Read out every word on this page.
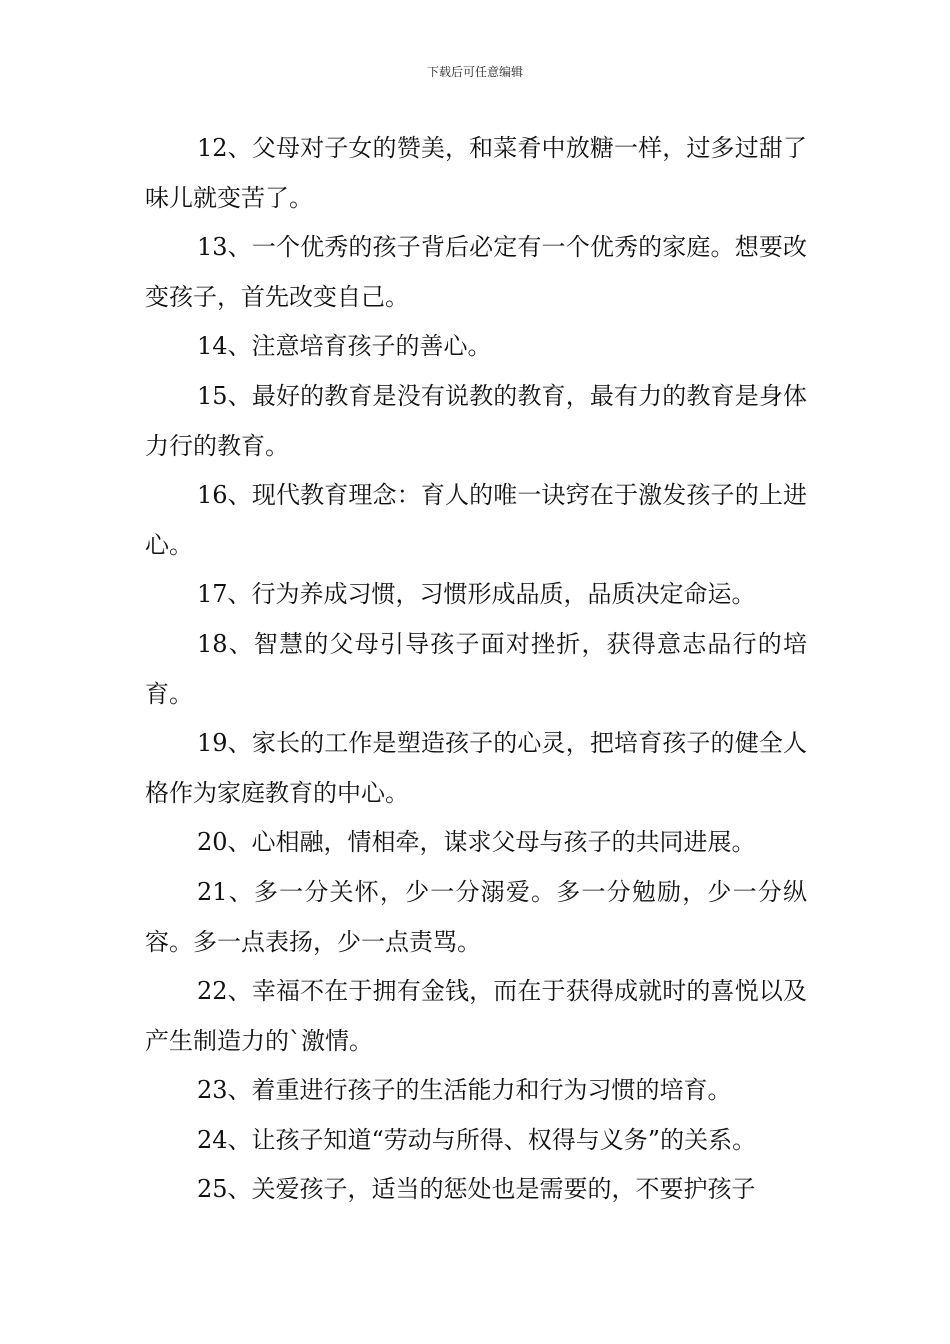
下载后可任意编辑

12、父母对子女的赞美，和菜肴中放糖一样，过多过甜了味儿就变苦了。

13、一个优秀的孩子背后必定有一个优秀的家庭。想要改变孩子，首先改变自己。

14、注意培育孩子的善心。

15、最好的教育是没有说教的教育，最有力的教育是身体力行的教育。

16、现代教育理念：育人的唯一诀窍在于激发孩子的上进心。

17、行为养成习惯，习惯形成品质，品质决定命运。

18、智慧的父母引导孩子面对挫折，获得意志品行的培育。

19、家长的工作是塑造孩子的心灵，把培育孩子的健全人格作为家庭教育的中心。

20、心相融，情相牵，谋求父母与孩子的共同进展。

21、多一分关怀，少一分溺爱。多一分勉励，少一分纵容。多一点表扬，少一点责骂。

22、幸福不在于拥有金钱，而在于获得成就时的喜悦以及产生制造力的`激情。

23、着重进行孩子的生活能力和行为习惯的培育。

24、让孩子知道“劳动与所得、权得与义务”的关系。

25、关爱孩子，适当的惩处也是需要的，不要护孩子
